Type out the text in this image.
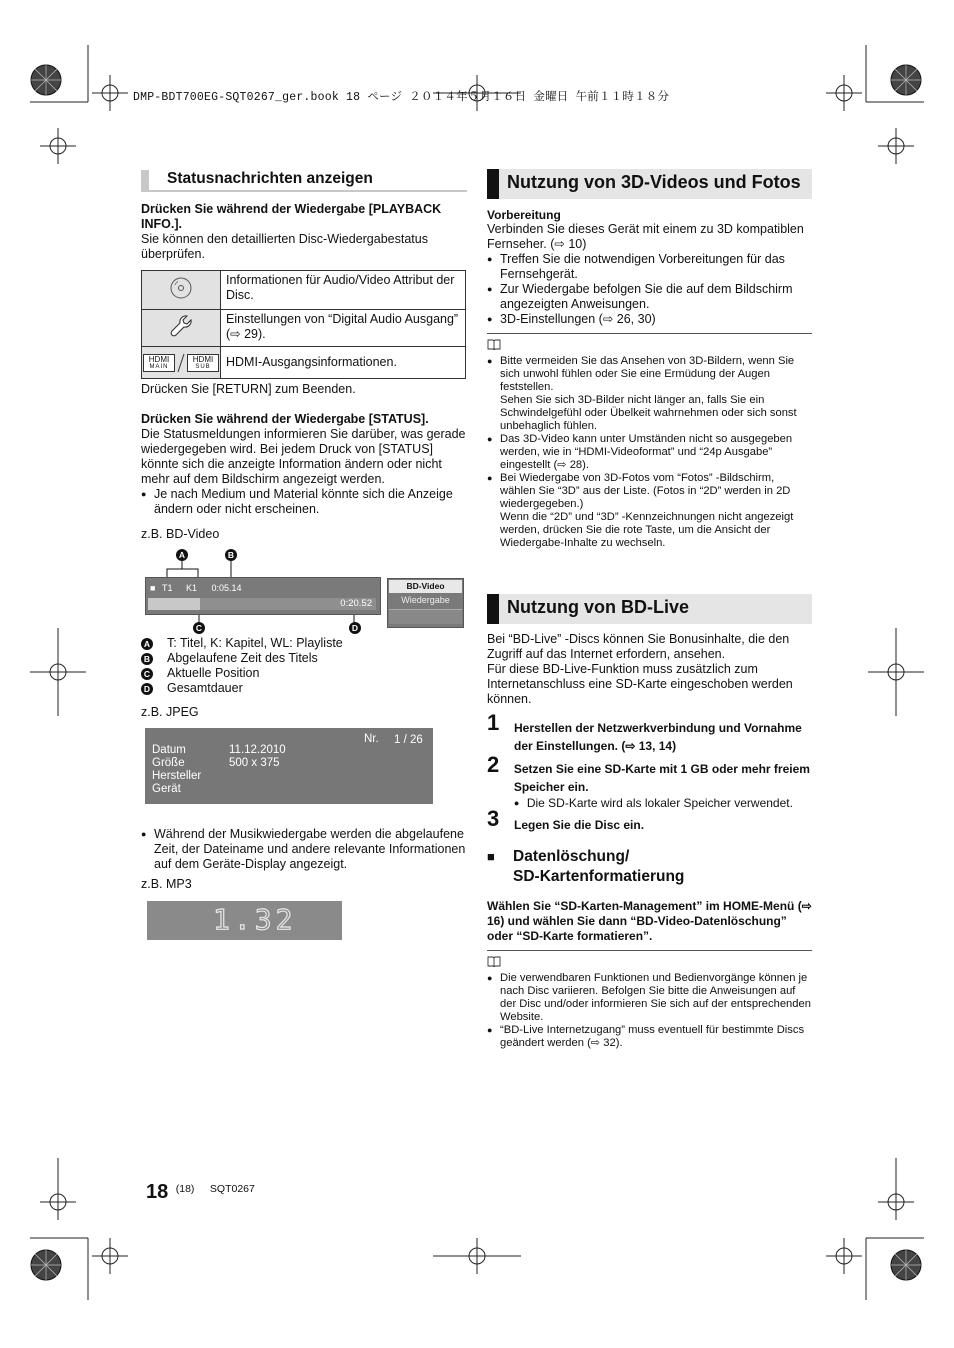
DMP-BDT700EG-SQT0267_ger.book 18 ページ ２０１４年５月１６日 金曜日 午前１１時１８分
Statusnachrichten anzeigen
Drücken Sie während der Wiedergabe [PLAYBACK INFO.].
Sie können den detaillierten Disc-Wiedergabestatus überprüfen.
	Informationen für Audio/Video Attribut der Disc.
	Einstellungen von “Digital Audio Ausgang” (⇨ 29).

HDMI
MAIN
HDMI
SUB	HDMI-Ausgangsinformationen.
Drücken Sie [RETURN] zum Beenden.
Drücken Sie während der Wiedergabe [STATUS].
Die Statusmeldungen informieren Sie darüber, was gerade wiedergegeben wird. Bei jedem Druck von [STATUS] könnte sich die anzeigte Information ändern oder nicht mehr auf dem Bildschirm angezeigt werden.
● Je nach Medium und Material könnte sich die Anzeige ändern oder nicht erscheinen.
z.B. BD-Video
A	B
■ T1 K1 0:05.14
0:20.52
BD-Video
Wiedergabe
C	D
A T: Titel, K: Kapitel, WL: Playliste
B Abgelaufene Zeit des Titels
C Aktuelle Position
D Gesamtdauer
z.B. JPEG
Nr. 1 / 26
Datum	11.12.2010
Größe	500 x 375
Hersteller
Gerät
● Während der Musikwiedergabe werden die abgelaufene Zeit, der Dateiname und andere relevante Informationen auf dem Geräte-Display angezeigt.
z.B. MP3
1.32
Nutzung von 3D-Videos und Fotos
Vorbereitung
Verbinden Sie dieses Gerät mit einem zu 3D kompatiblen Fernseher. (⇨ 10)
● Treffen Sie die notwendigen Vorbereitungen für das Fernsehgerät.
● Zur Wiedergabe befolgen Sie die auf dem Bildschirm angezeigten Anweisungen.
● 3D-Einstellungen (⇨ 26, 30)
● Bitte vermeiden Sie das Ansehen von 3D-Bildern, wenn Sie sich unwohl fühlen oder Sie eine Ermüdung der Augen feststellen.
Sehen Sie sich 3D-Bilder nicht länger an, falls Sie ein Schwindelgefühl oder Übelkeit wahrnehmen oder sich sonst unbehaglich fühlen.
● Das 3D-Video kann unter Umständen nicht so ausgegeben werden, wie in “HDMI-Videoformat” und “24p Ausgabe” eingestellt (⇨ 28).
● Bei Wiedergabe von 3D-Fotos vom “Fotos” -Bildschirm, wählen Sie “3D” aus der Liste. (Fotos in “2D” werden in 2D wiedergegeben.)
Wenn die “2D” und “3D” -Kennzeichnungen nicht angezeigt werden, drücken Sie die rote Taste, um die Ansicht der Wiedergabe-Inhalte zu wechseln.
Nutzung von BD-Live
Bei “BD-Live” -Discs können Sie Bonusinhalte, die den Zugriff auf das Internet erfordern, ansehen.
Für diese BD-Live-Funktion muss zusätzlich zum Internetanschluss eine SD-Karte eingeschoben werden können.
1	Herstellen der Netzwerkverbindung und Vornahme der Einstellungen. (⇨ 13, 14)
2	Setzen Sie eine SD-Karte mit 1 GB oder mehr freiem Speicher ein.
● Die SD-Karte wird als lokaler Speicher verwendet.
3	Legen Sie die Disc ein.
■	Datenlöschung/
SD-Kartenformatierung
Wählen Sie “SD-Karten-Management” im HOME-Menü (⇨ 16) und wählen Sie dann “BD-Video-Datenlöschung” oder “SD-Karte formatieren”.
● Die verwendbaren Funktionen und Bedienvorgänge können je nach Disc variieren. Befolgen Sie bitte die Anweisungen auf der Disc und/oder informieren Sie sich auf der entsprechenden Website.
● “BD-Live Internetzugang” muss eventuell für bestimmte Discs geändert werden (⇨ 32).
18 $^{(18)}$ $^{SQT0267}$
